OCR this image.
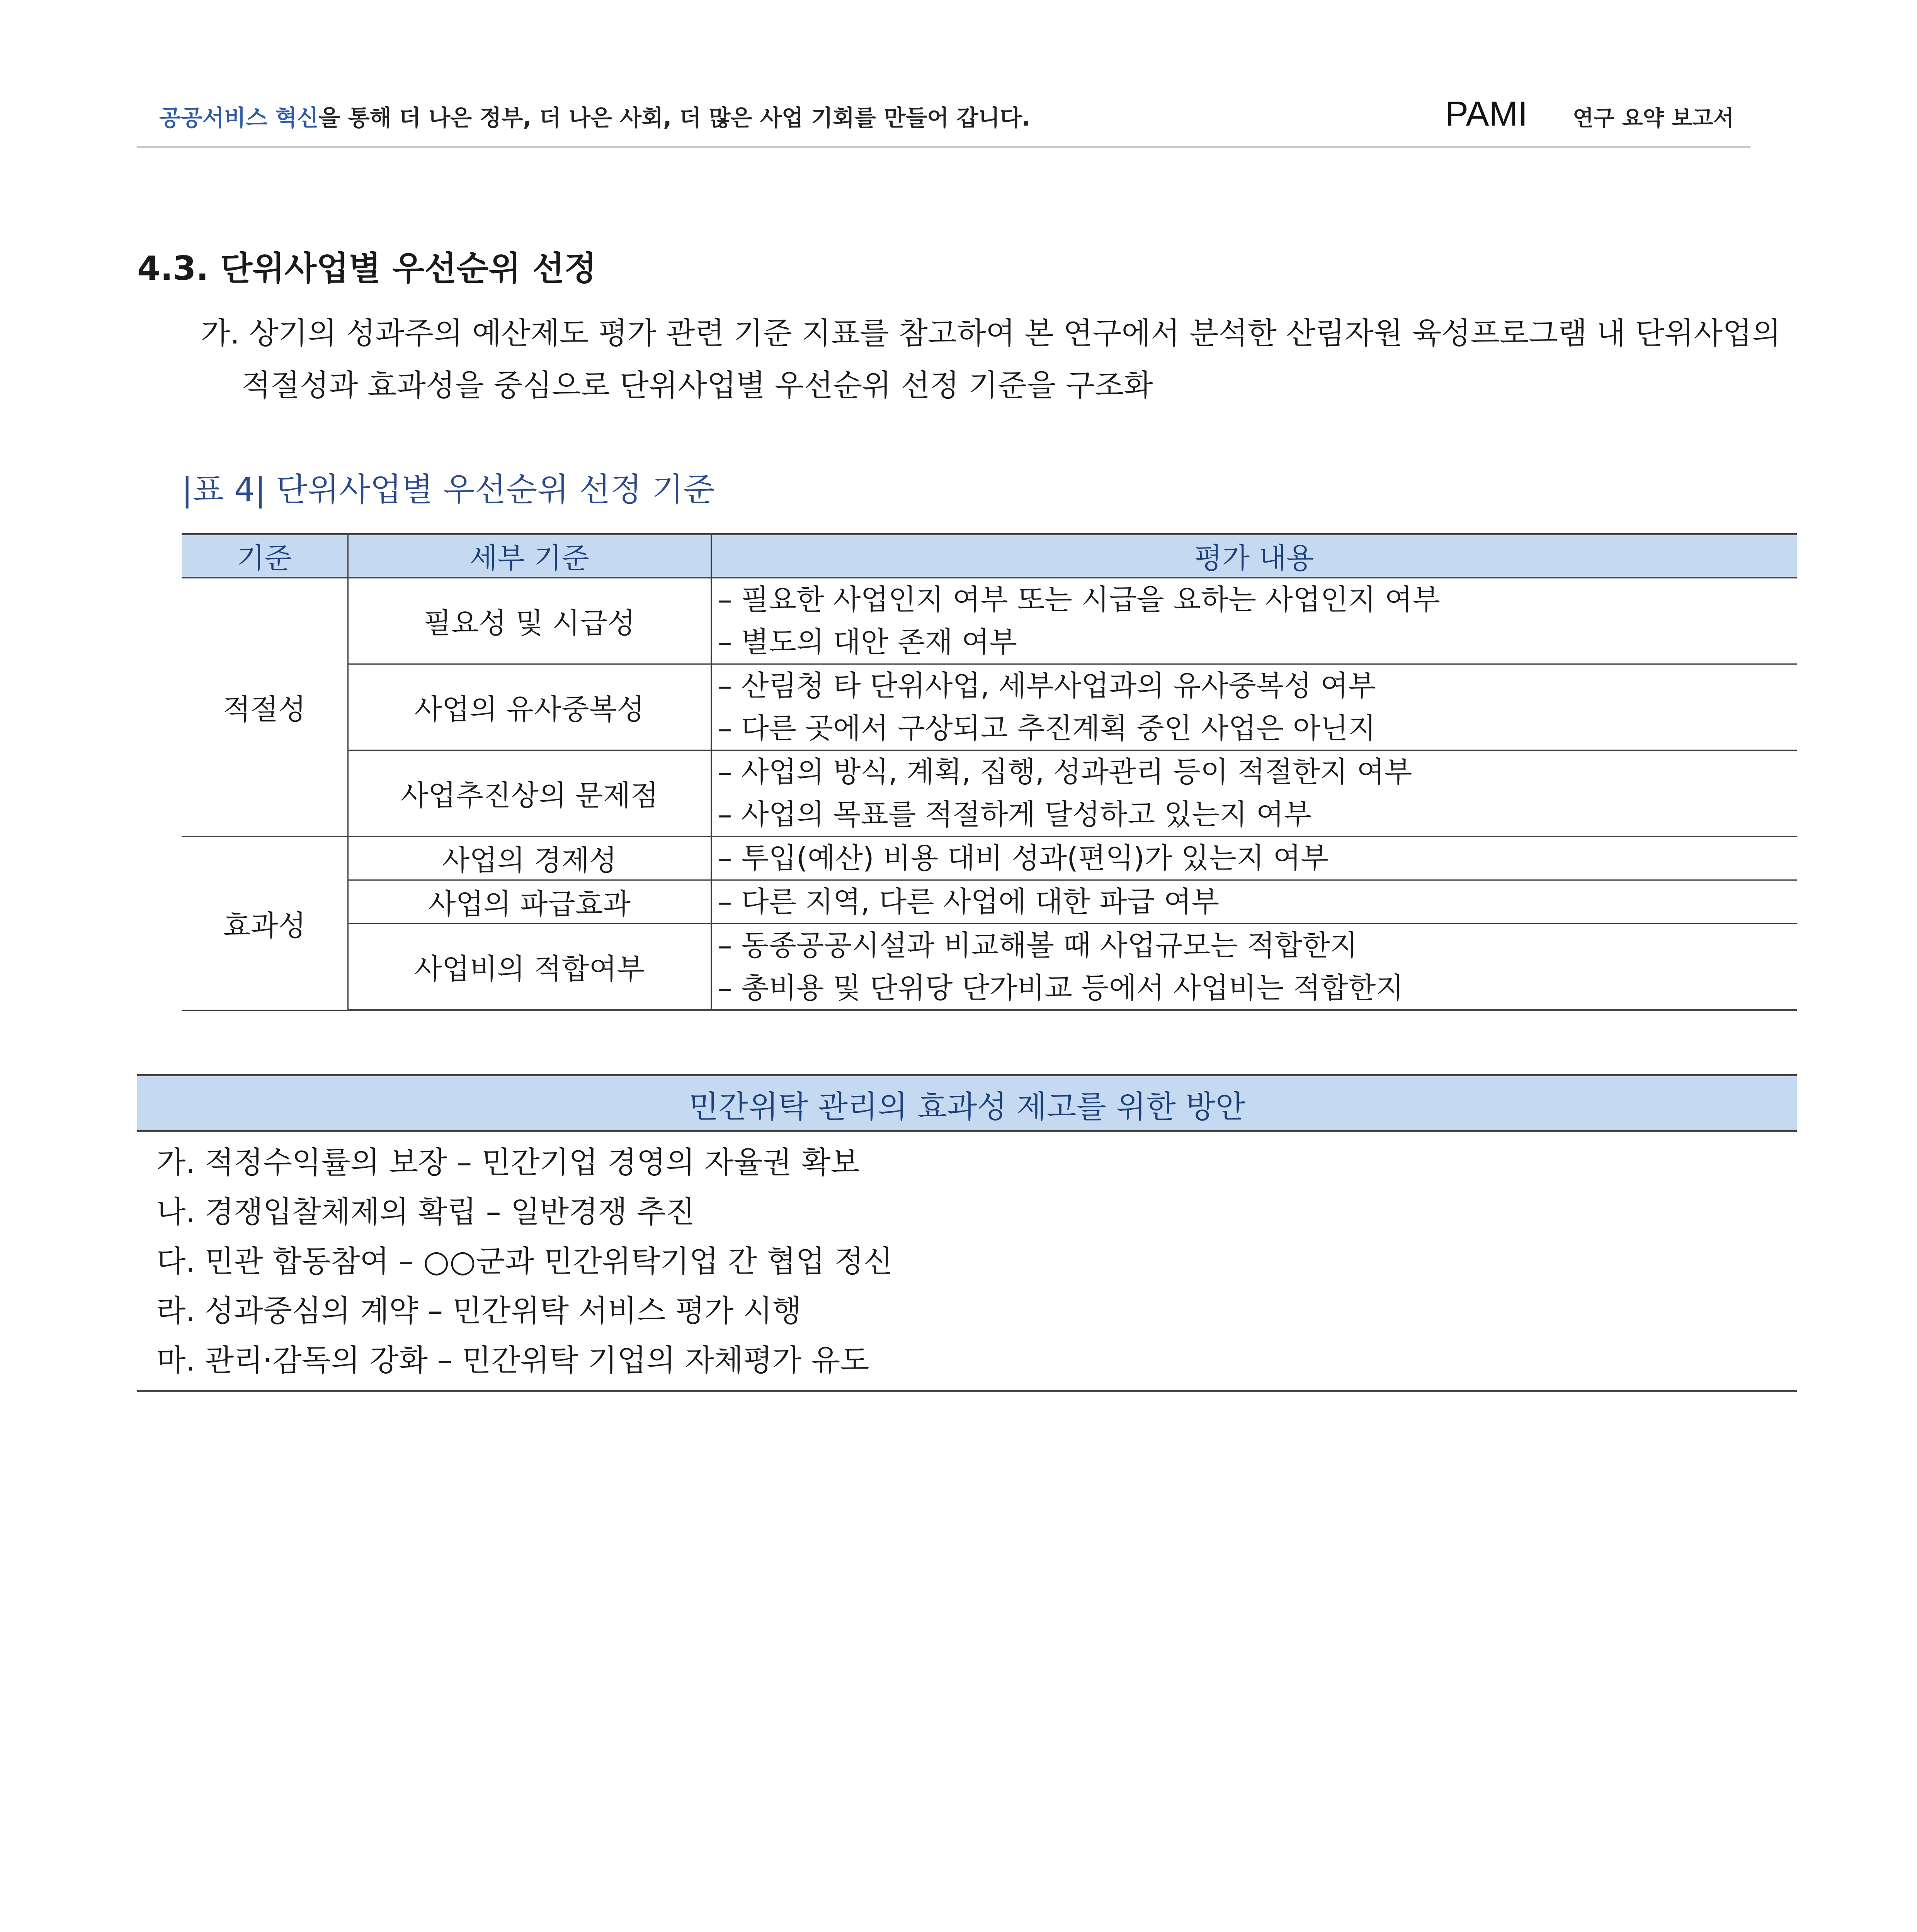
공공서비스 혁신을 통해 더 나은 정부, 더 나은 사회, 더 많은 사업 기회를 만들어 갑니다.	PAMI 연구 요약 보고서
4.3. 단위사업별 우선순위 선정
가. 상기의 성과주의 예산제도 평가 관련 기준 지표를 참고하여 본 연구에서 분석한 산림자원 육성프로그램 내 단위사업의
적절성과 효과성을 중심으로 단위사업별 우선순위 선정 기준을 구조화
|표 4| 단위사업별 우선순위 선정 기준
기준	세부 기준	평가 내용
적절성	필요성 및 시급성	– 필요한 사업인지 여부 또는 시급을 요하는 사업인지 여부
– 별도의 대안 존재 여부

	사업의 유사중복성	– 산림청 타 단위사업, 세부사업과의 유사중복성 여부
– 다른 곳에서 구상되고 추진계획 중인 사업은 아닌지

	사업추진상의 문제점	– 사업의 방식, 계획, 집행, 성과관리 등이 적절한지 여부
– 사업의 목표를 적절하게 달성하고 있는지 여부

효과성	사업의 경제성	– 투입(예산) 비용 대비 성과(편익)가 있는지 여부

	사업의 파급효과	– 다른 지역, 다른 사업에 대한 파급 여부

	사업비의 적합여부	– 동종공공시설과 비교해볼 때 사업규모는 적합한지
– 총비용 및 단위당 단가비교 등에서 사업비는 적합한지
민간위탁 관리의 효과성 제고를 위한 방안
가. 적정수익률의 보장 – 민간기업 경영의 자율권 확보
나. 경쟁입찰체제의 확립 – 일반경쟁 추진
다. 민관 합동참여 – ○○군과 민간위탁기업 간 협업 정신
라. 성과중심의 계약 – 민간위탁 서비스 평가 시행
마. 관리·감독의 강화 – 민간위탁 기업의 자체평가 유도
